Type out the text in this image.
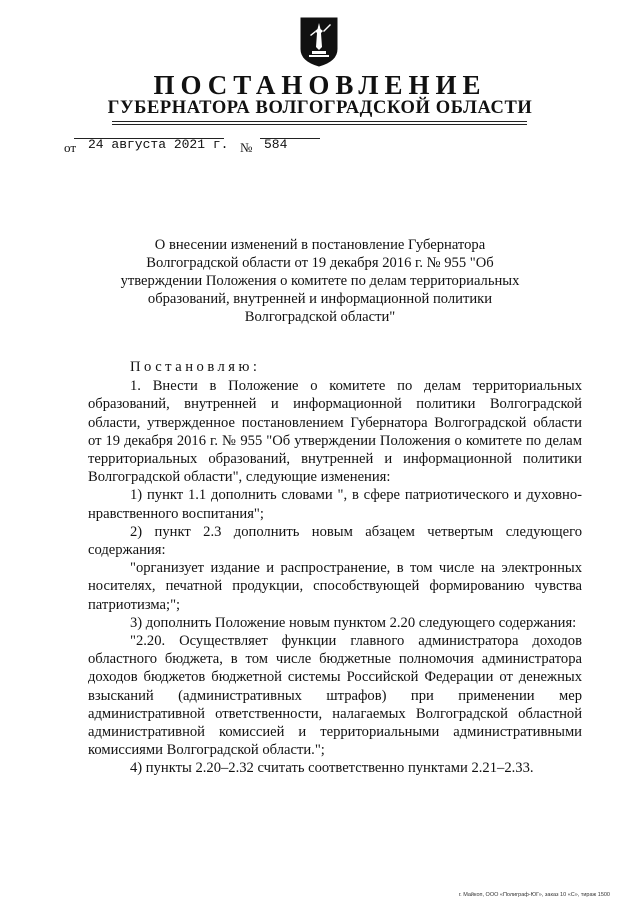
ПОСТАНОВЛЕНИЕ
ГУБЕРНАТОРА ВОЛГОГРАДСКОЙ ОБЛАСТИ
от 24 августа 2021 г. № 584
О внесении изменений в постановление Губернатора Волгоградской области от 19 декабря 2016 г. № 955 "Об утверждении Положения о комитете по делам территориальных образований, внутренней и информационной политики Волгоградской области"

Постановляю:

1. Внести в Положение о комитете по делам территориальных образований, внутренней и информационной политики Волгоградской области, утвержденное постановлением Губернатора Волгоградской области от 19 декабря 2016 г. № 955 "Об утверждении Положения о комитете по делам территориальных образований, внутренней и информационной политики Волгоградской области", следующие изменения:

1) пункт 1.1 дополнить словами ", в сфере патриотического и духовно-нравственного воспитания";

2) пункт 2.3 дополнить новым абзацем четвертым следующего содержания:

"организует издание и распространение, в том числе на электронных носителях, печатной продукции, способствующей формированию чувства патриотизма;";

3) дополнить Положение новым пунктом 2.20 следующего содержания:

"2.20. Осуществляет функции главного администратора доходов областного бюджета, в том числе бюджетные полномочия администратора доходов бюджетов бюджетной системы Российской Федерации от денежных взысканий (административных штрафов) при применении мер административной ответственности, налагаемых Волгоградской областной административной комиссией и территориальными административными комиссиями Волгоградской области.";

4) пункты 2.20–2.32 считать соответственно пунктами 2.21–2.33.

г. Майкоп, ООО «Полиграф-ЮГ», заказ 10 «С», тираж 1500
